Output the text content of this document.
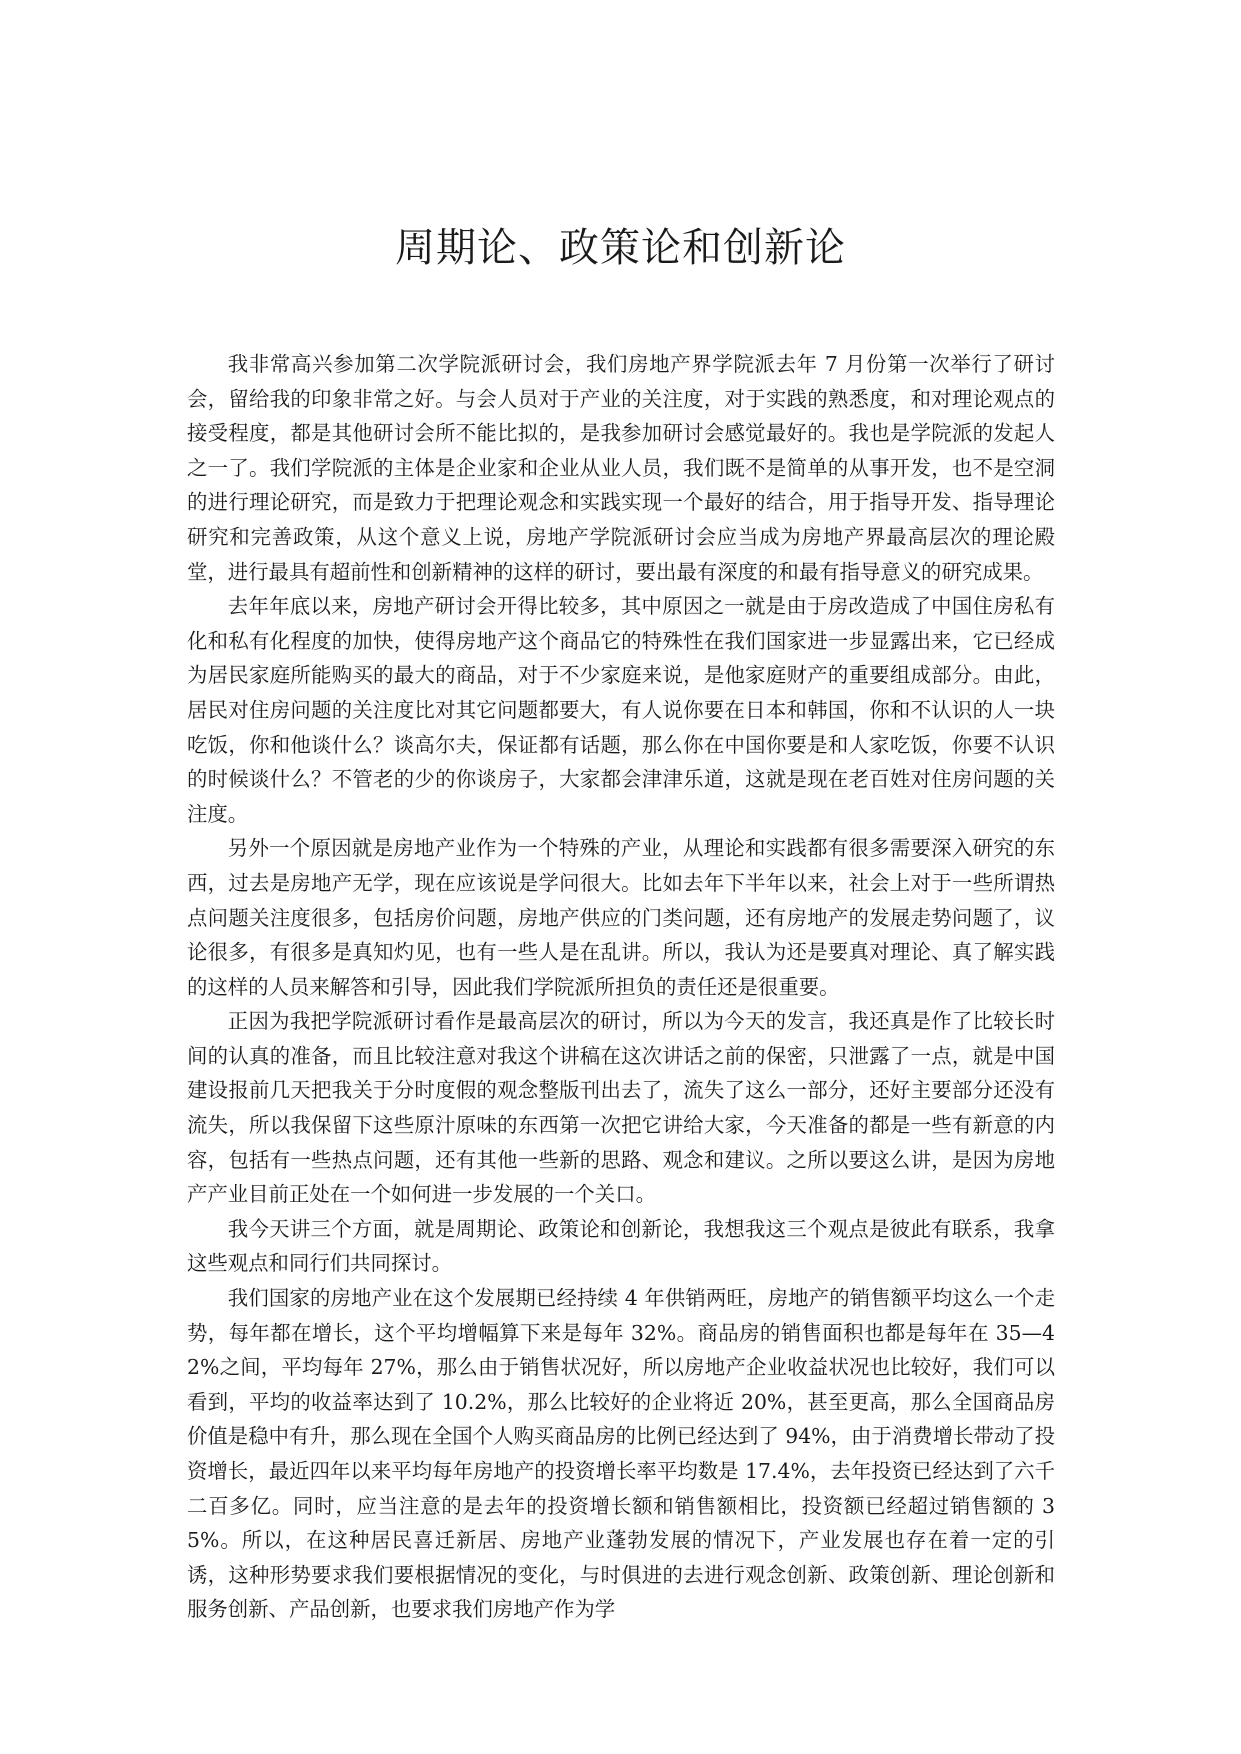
周期论、政策论和创新论

我非常高兴参加第二次学院派研讨会，我们房地产界学院派去年 7 月份第一次举行了研讨会，留给我的印象非常之好。与会人员对于产业的关注度，对于实践的熟悉度，和对理论观点的接受程度，都是其他研讨会所不能比拟的，是我参加研讨会感觉最好的。我也是学院派的发起人之一了。我们学院派的主体是企业家和企业从业人员，我们既不是简单的从事开发，也不是空洞的进行理论研究，而是致力于把理论观念和实践实现一个最好的结合，用于指导开发、指导理论研究和完善政策，从这个意义上说，房地产学院派研讨会应当成为房地产界最高层次的理论殿堂，进行最具有超前性和创新精神的这样的研讨，要出最有深度的和最有指导意义的研究成果。

去年年底以来，房地产研讨会开得比较多，其中原因之一就是由于房改造成了中国住房私有化和私有化程度的加快，使得房地产这个商品它的特殊性在我们国家进一步显露出来，它已经成为居民家庭所能购买的最大的商品，对于不少家庭来说，是他家庭财产的重要组成部分。由此，居民对住房问题的关注度比对其它问题都要大，有人说你要在日本和韩国，你和不认识的人一块吃饭，你和他谈什么？谈高尔夫，保证都有话题，那么你在中国你要是和人家吃饭，你要不认识的时候谈什么？不管老的少的你谈房子，大家都会津津乐道，这就是现在老百姓对住房问题的关注度。

另外一个原因就是房地产业作为一个特殊的产业，从理论和实践都有很多需要深入研究的东西，过去是房地产无学，现在应该说是学问很大。比如去年下半年以来，社会上对于一些所谓热点问题关注度很多，包括房价问题，房地产供应的门类问题，还有房地产的发展走势问题了，议论很多，有很多是真知灼见，也有一些人是在乱讲。所以，我认为还是要真对理论、真了解实践的这样的人员来解答和引导，因此我们学院派所担负的责任还是很重要。

正因为我把学院派研讨看作是最高层次的研讨，所以为今天的发言，我还真是作了比较长时间的认真的准备，而且比较注意对我这个讲稿在这次讲话之前的保密，只泄露了一点，就是中国建设报前几天把我关于分时度假的观念整版刊出去了，流失了这么一部分，还好主要部分还没有流失，所以我保留下这些原汁原味的东西第一次把它讲给大家，今天准备的都是一些有新意的内容，包括有一些热点问题，还有其他一些新的思路、观念和建议。之所以要这么讲，是因为房地产产业目前正处在一个如何进一步发展的一个关口。

我今天讲三个方面，就是周期论、政策论和创新论，我想我这三个观点是彼此有联系，我拿这些观点和同行们共同探讨。

我们国家的房地产业在这个发展期已经持续 4 年供销两旺，房地产的销售额平均这么一个走势，每年都在增长，这个平均增幅算下来是每年 32%。商品房的销售面积也都是每年在 35—42%之间，平均每年 27%，那么由于销售状况好，所以房地产企业收益状况也比较好，我们可以看到，平均的收益率达到了 10.2%，那么比较好的企业将近 20%，甚至更高，那么全国商品房价值是稳中有升，那么现在全国个人购买商品房的比例已经达到了 94%，由于消费增长带动了投资增长，最近四年以来平均每年房地产的投资增长率平均数是 17.4%，去年投资已经达到了六千二百多亿。同时，应当注意的是去年的投资增长额和销售额相比，投资额已经超过销售额的 35%。所以，在这种居民喜迁新居、房地产业蓬勃发展的情况下，产业发展也存在着一定的引诱，这种形势要求我们要根据情况的变化，与时俱进的去进行观念创新、政策创新、理论创新和服务创新、产品创新，也要求我们房地产作为学
